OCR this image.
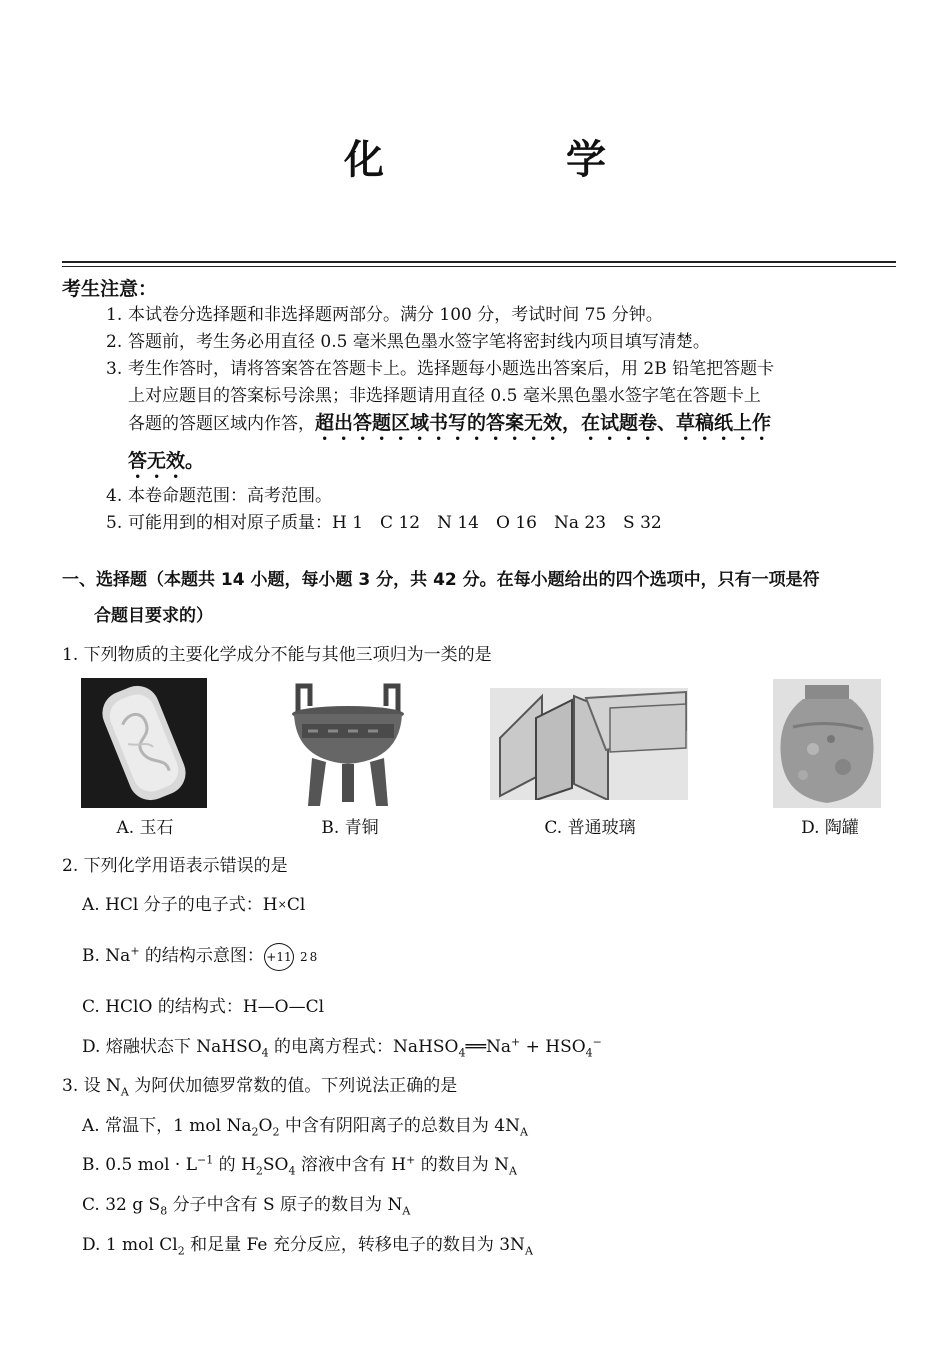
化 学
考生注意：
1. 本试卷分选择题和非选择题两部分。满分 100 分，考试时间 75 分钟。
2. 答题前，考生务必用直径 0.5 毫米黑色墨水签字笔将密封线内项目填写清楚。
3. 考生作答时，请将答案答在答题卡上。选择题每小题选出答案后，用 2B 铅笔把答题卡
上对应题目的答案标号涂黑；非选择题请用直径 0.5 毫米黑色墨水签字笔在答题卡上
各题的答题区域内作答，超出答题区域书写的答案无效，在试题卷、草稿纸上作
答无效。
4. 本卷命题范围：高考范围。
5. 可能用到的相对原子质量：H 1　C 12　N 14　O 16　Na 23　S 32
一、选择题（本题共 14 小题，每小题 3 分，共 42 分。在每小题给出的四个选项中，只有一项是符
合题目要求的）
1. 下列物质的主要化学成分不能与其他三项归为一类的是
A. 玉石	B. 青铜	C. 普通玻璃	D. 陶罐
2. 下列化学用语表示错误的是
A. HCl 分子的电子式：H×Cl
B. Na+ 的结构示意图： +11 2 8
C. HClO 的结构式：H—O—Cl
D. 熔融状态下 NaHSO$_4$ 的电离方程式：NaHSO$_4$══Na+ + $HSO_4^-$
3. 设 $N_A$ 为阿伏加德罗常数的值。下列说法正确的是
A. 常温下，1 mol $Na_2O_2$ 中含有阴阳离子的总数目为 $4N_A$
B. 0.5 mol · $L^{-1}$ 的 $H_2SO_4$ 溶液中含有 H+ 的数目为 $N_A$
C. 32 g $S_8$ 分子中含有 S 原子的数目为 $N_A$
D. 1 mol $Cl_2$ 和足量 Fe 充分反应，转移电子的数目为 $3N_A$
